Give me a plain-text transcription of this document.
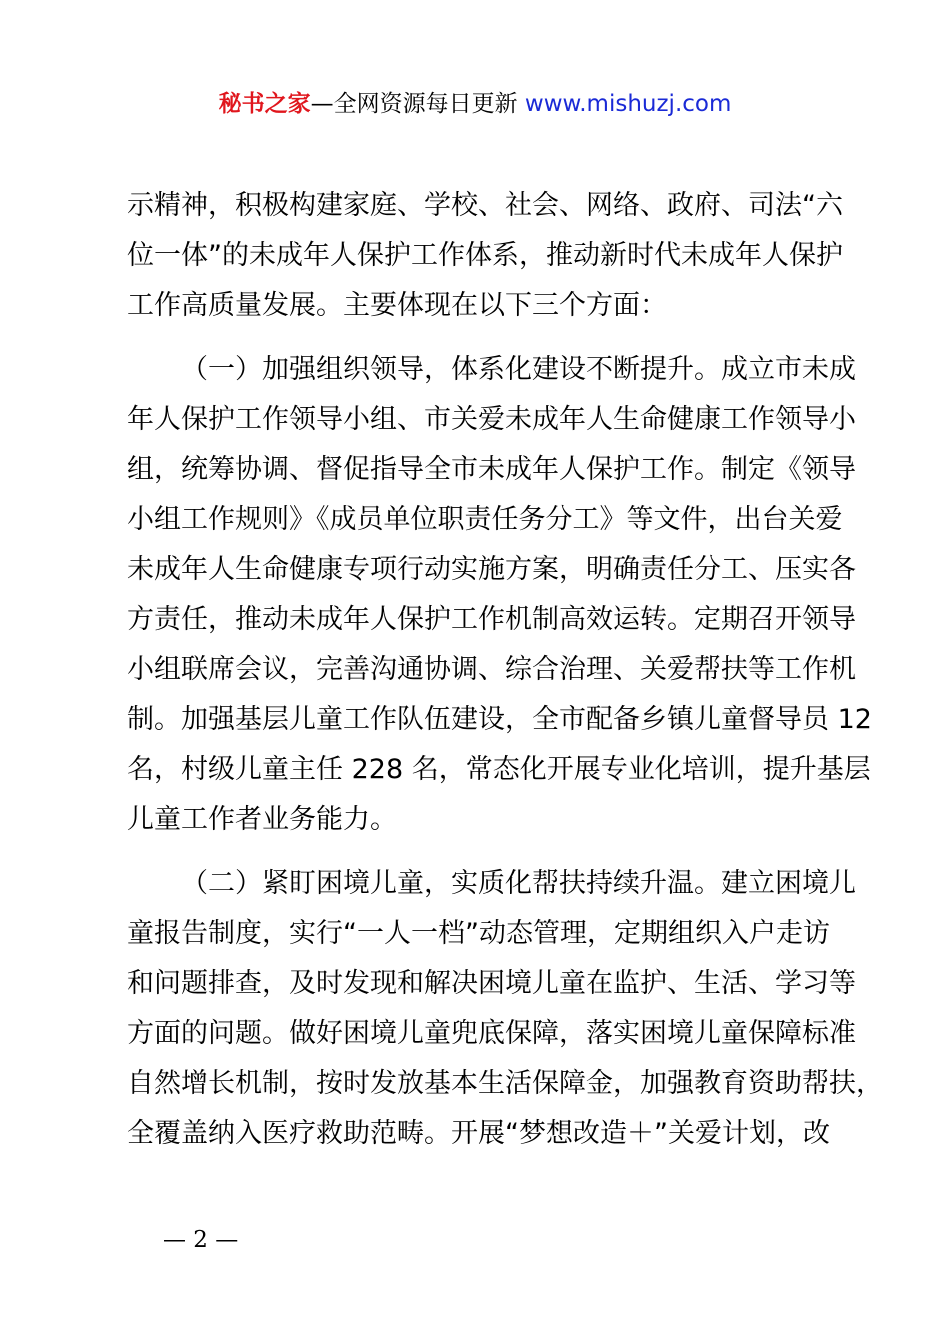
秘书之家—全网资源每日更新 www.mishuzj.com
示精神，积极构建家庭、学校、社会、网络、政府、司法“六
位一体”的未成年人保护工作体系，推动新时代未成年人保护
工作高质量发展。主要体现在以下三个方面：
（一）加强组织领导，体系化建设不断提升。成立市未成
年人保护工作领导小组、市关爱未成年人生命健康工作领导小
组，统筹协调、督促指导全市未成年人保护工作。制定《领导
小组工作规则》《成员单位职责任务分工》等文件，出台关爱
未成年人生命健康专项行动实施方案，明确责任分工、压实各
方责任，推动未成年人保护工作机制高效运转。定期召开领导
小组联席会议，完善沟通协调、综合治理、关爱帮扶等工作机
制。加强基层儿童工作队伍建设，全市配备乡镇儿童督导员 12
名，村级儿童主任 228 名，常态化开展专业化培训，提升基层
儿童工作者业务能力。
（二）紧盯困境儿童，实质化帮扶持续升温。建立困境儿
童报告制度，实行“一人一档”动态管理，定期组织入户走访
和问题排查，及时发现和解决困境儿童在监护、生活、学习等
方面的问题。做好困境儿童兜底保障，落实困境儿童保障标准
自然增长机制，按时发放基本生活保障金，加强教育资助帮扶，
全覆盖纳入医疗救助范畴。开展“梦想改造＋”关爱计划，改
— 2 —
